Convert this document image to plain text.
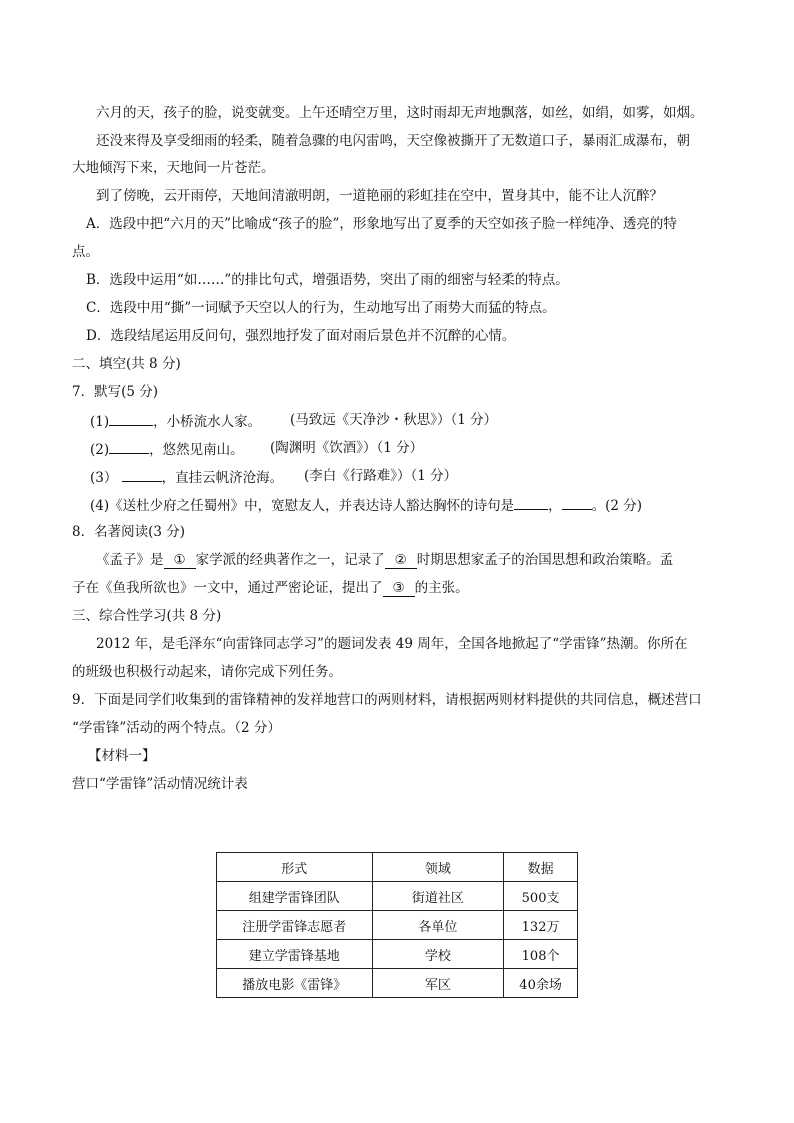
六月的天，孩子的脸，说变就变。上午还晴空万里，这时雨却无声地飘落，如丝，如绢，如雾，如烟。
还没来得及享受细雨的轻柔，随着急骤的电闪雷鸣，天空像被撕开了无数道口子，暴雨汇成瀑布，朝
大地倾泻下来，天地间一片苍茫。
到了傍晚，云开雨停，天地间清澈明朗，一道艳丽的彩虹挂在空中，置身其中，能不让人沉醉？
A．选段中把“六月的天”比喻成“孩子的脸”，形象地写出了夏季的天空如孩子脸一样纯净、透亮的特
点。
B．选段中运用“如……”的排比句式，增强语势，突出了雨的细密与轻柔的特点。
C．选段中用“撕”一词赋予天空以人的行为，生动地写出了雨势大而猛的特点。
D．选段结尾运用反问句，强烈地抒发了面对雨后景色并不沉醉的心情。
二、填空(共 8 分)
7．默写(5 分)
(1)	，小桥流水人家。 (马致远《天净沙・秋思》）（1 分）
(2)	，悠然见南山。 (陶渊明《饮酒》）（1 分）
(3）	，直挂云帆济沧海。 (李白《行路难》）（1 分）
(4)《送杜少府之任蜀州》中，宽慰友人，并表达诗人豁达胸怀的诗句是	， 。(2 分)
8．名著阅读(3 分)
《孟子》是 ① 家学派的经典著作之一，记录了 ② 时期思想家孟子的治国思想和政治策略。孟
子在《鱼我所欲也》一文中，通过严密论证，提出了 ③ 的主张。
三、综合性学习(共 8 分)
2012 年，是毛泽东“向雷锋同志学习”的题词发表 49 周年，全国各地掀起了“学雷锋”热潮。你所在
的班级也积极行动起来，请你完成下列任务。
9．下面是同学们收集到的雷锋精神的发祥地营口的两则材料，请根据两则材料提供的共同信息，概述营口
“学雷锋”活动的两个特点。（2 分）
【材料一】
营口“学雷锋”活动情况统计表
形式	领域	数据
组建学雷锋团队	街道社区	500支
注册学雷锋志愿者	各单位	132万
建立学雷锋基地	学校	108个
播放电影《雷锋》	军区	40余场
